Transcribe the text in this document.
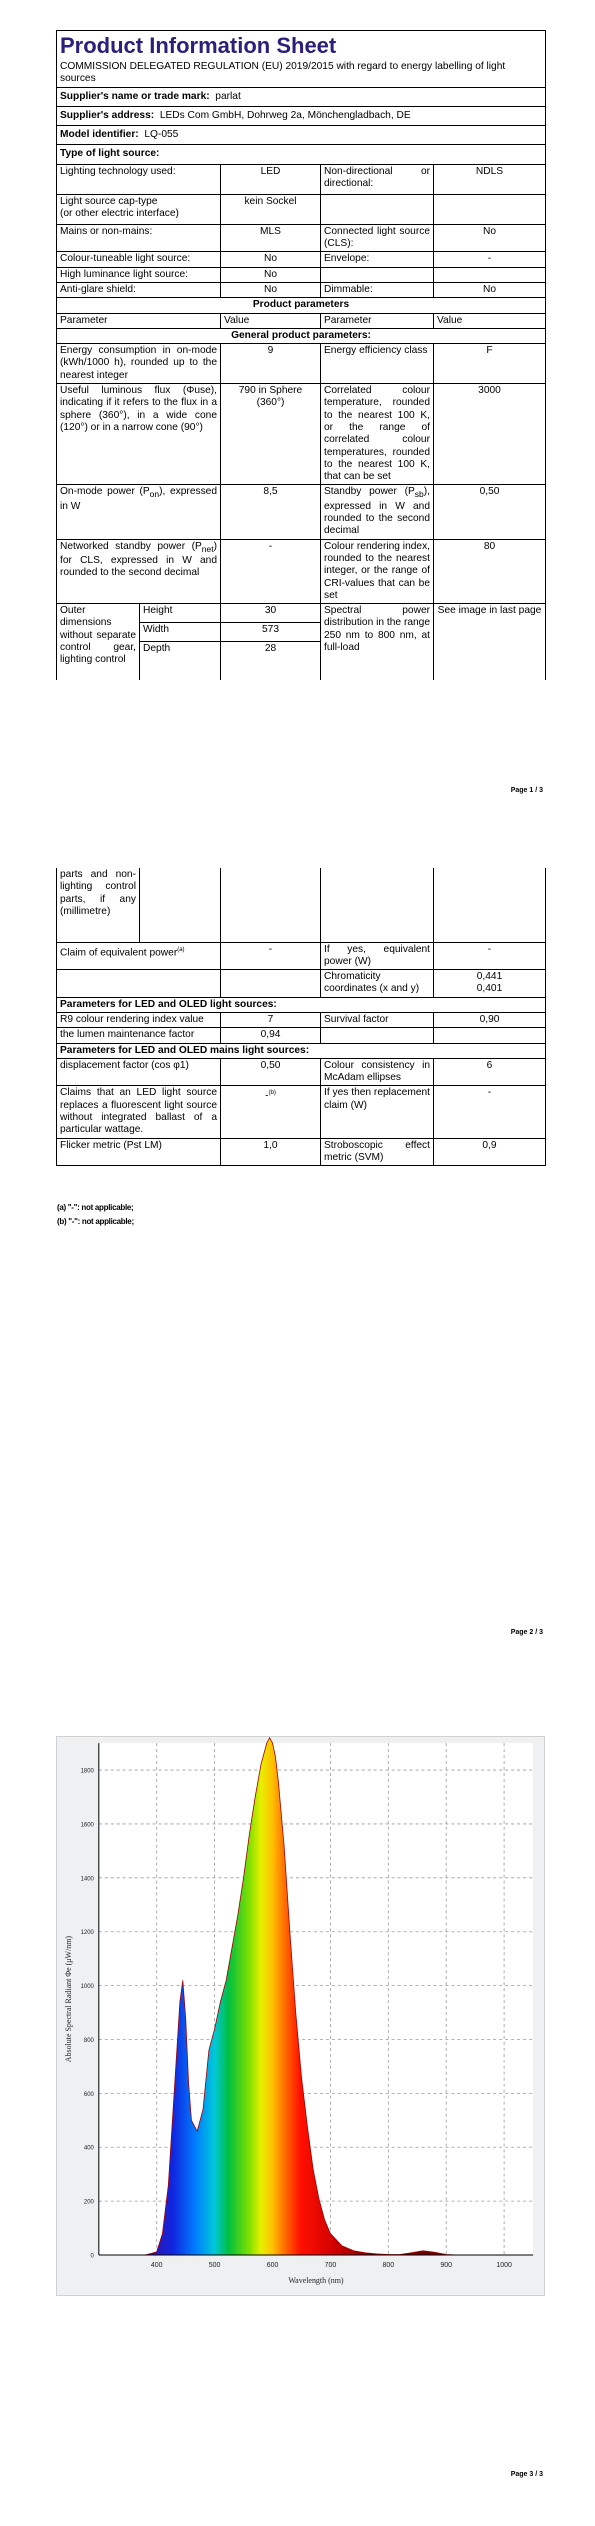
Product Information Sheet
COMMISSION DELEGATED REGULATION (EU) 2019/2015 with regard to energy labelling of light sources				

Supplier's name or trade mark: parlat				
Supplier's address: LEDs Com GmbH, Dohrweg 2a, Mönchengladbach, DE				
Model identifier: LQ-055				
Type of light source:				
Lighting technology used:		LED	Non-directional or directional:	NDLS
Light source cap-type
(or other electric interface)		kein Sockel		
Mains or non-mains:		MLS	Connected light source (CLS):	No
Colour-tuneable light source:		No	Envelope:	-
High luminance light source:		No		
Anti-glare shield:		No	Dimmable:	No
Product parameters				
Parameter		Value	Parameter	Value
General product parameters:				
Energy consumption in on-mode (kWh/1000 h), rounded up to the nearest integer		9	Energy efficiency class	F
Useful luminous flux (Φuse), indicating if it refers to the flux in a sphere (360°), in a wide cone (120°) or in a narrow cone (90°)		790 in Sphere (360°)	Correlated colour temperature, rounded to the nearest 100 K, or the range of correlated colour temperatures, rounded to the nearest 100 K, that can be set	3000
On-mode power $(P_{on})$, expressed in W		8,5	Standby power $(P_{sb})$, expressed in W and rounded to the second decimal	0,50
Networked standby power $(P_{net})$ for CLS, expressed in W and rounded to the second decimal		-	Colour rendering index, rounded to the nearest integer, or the range of CRI-values that can be set	80
Outer dimensions without separate control gear, lighting control	Height	30	Spectral power distribution in the range 250 nm to 800 nm, at full-load	See image in last page
	Width	573		
	Depth	28		
Page 1 / 3
parts and non-lighting control parts, if any (millimetre)				
Claim of equivalent power$^{(a)}$		-	If yes, equivalent power (W)	-
			Chromaticity coordinates (x and y)	0,441
0,401

Parameters for LED and OLED light sources:				
R9 colour rendering index value		7	Survival factor	0,90
the lumen maintenance factor		0,94		
Parameters for LED and OLED mains light sources:				
displacement factor (cos φ1)		0,50	Colour consistency in McAdam ellipses	6
Claims that an LED light source replaces a fluorescent light source without integrated ballast of a particular wattage.		-$^{(b)}$	If yes then replacement claim (W)	-
Flicker metric (Pst LM)		1,0	Stroboscopic effect metric (SVM)	0,9
(a) "-": not applicable;
(b) "-": not applicable;
Page 2 / 3
400	500	600	700	800	900	1000
0
200
400
600
800
1000
1200
1400
1600
1800
Wavelength (nm)
Absolute Spectral Radiant Φe (μW/nm)
Page 3 / 3
